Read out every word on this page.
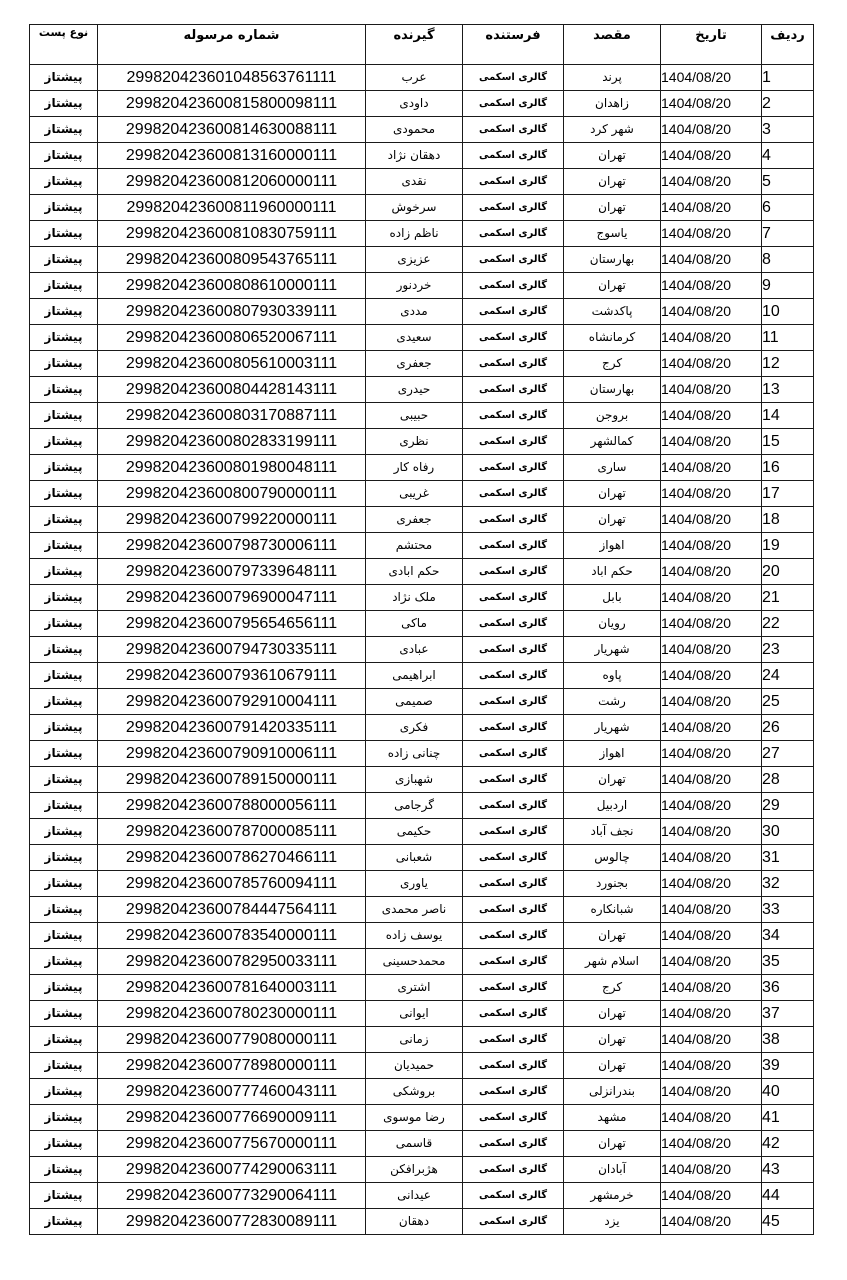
ردیف	تاریخ	مقصد	فرستنده	گیرنده	شماره مرسوله	نوع پست
1	1404/08/20	پرند	گالری اسکمی	عرب	299820423601048563761111	پیشتاز
2	1404/08/20	زاهدان	گالری اسکمی	داودی	299820423600815800098111	پیشتاز
3	1404/08/20	شهر کرد	گالری اسکمی	محمودی	299820423600814630088111	پیشتاز
4	1404/08/20	تهران	گالری اسکمی	دهقان نژاد	299820423600813160000111	پیشتاز
5	1404/08/20	تهران	گالری اسکمی	نقدی	299820423600812060000111	پیشتاز
6	1404/08/20	تهران	گالری اسکمی	سرخوش	299820423600811960000111	پیشتاز
7	1404/08/20	یاسوج	گالری اسکمی	ناظم زاده	299820423600810830759111	پیشتاز
8	1404/08/20	بهارستان	گالری اسکمی	عزیزی	299820423600809543765111	پیشتاز
9	1404/08/20	تهران	گالری اسکمی	خردنور	299820423600808610000111	پیشتاز
10	1404/08/20	پاکدشت	گالری اسکمی	مددی	299820423600807930339111	پیشتاز
11	1404/08/20	کرمانشاه	گالری اسکمی	سعیدی	299820423600806520067111	پیشتاز
12	1404/08/20	کرج	گالری اسکمی	جعفری	299820423600805610003111	پیشتاز
13	1404/08/20	بهارستان	گالری اسکمی	حیدری	299820423600804428143111	پیشتاز
14	1404/08/20	بروجن	گالری اسکمی	حبیبی	299820423600803170887111	پیشتاز
15	1404/08/20	کمالشهر	گالری اسکمی	نظری	299820423600802833199111	پیشتاز
16	1404/08/20	ساری	گالری اسکمی	رفاه کار	299820423600801980048111	پیشتاز
17	1404/08/20	تهران	گالری اسکمی	غریبی	299820423600800790000111	پیشتاز
18	1404/08/20	تهران	گالری اسکمی	جعفری	299820423600799220000111	پیشتاز
19	1404/08/20	اهواز	گالری اسکمی	محتشم	299820423600798730006111	پیشتاز
20	1404/08/20	حکم اباد	گالری اسکمی	حکم ابادی	299820423600797339648111	پیشتاز
21	1404/08/20	بابل	گالری اسکمی	ملک نژاد	299820423600796900047111	پیشتاز
22	1404/08/20	رویان	گالری اسکمی	ماکی	299820423600795654656111	پیشتاز
23	1404/08/20	شهریار	گالری اسکمی	عبادی	299820423600794730335111	پیشتاز
24	1404/08/20	پاوه	گالری اسکمی	ابراهیمی	299820423600793610679111	پیشتاز
25	1404/08/20	رشت	گالری اسکمی	صمیمی	299820423600792910004111	پیشتاز
26	1404/08/20	شهریار	گالری اسکمی	فکری	299820423600791420335111	پیشتاز
27	1404/08/20	اهواز	گالری اسکمی	چنانی زاده	299820423600790910006111	پیشتاز
28	1404/08/20	تهران	گالری اسکمی	شهبازی	299820423600789150000111	پیشتاز
29	1404/08/20	اردبیل	گالری اسکمی	گرجامی	299820423600788000056111	پیشتاز
30	1404/08/20	نجف آباد	گالری اسکمی	حکیمی	299820423600787000085111	پیشتاز
31	1404/08/20	چالوس	گالری اسکمی	شعبانی	299820423600786270466111	پیشتاز
32	1404/08/20	بجنورد	گالری اسکمی	یاوری	299820423600785760094111	پیشتاز
33	1404/08/20	شبانکاره	گالری اسکمی	ناصر محمدی	299820423600784447564111	پیشتاز
34	1404/08/20	تهران	گالری اسکمی	یوسف زاده	299820423600783540000111	پیشتاز
35	1404/08/20	اسلام شهر	گالری اسکمی	محمدحسینی	299820423600782950033111	پیشتاز
36	1404/08/20	کرج	گالری اسکمی	اشتری	299820423600781640003111	پیشتاز
37	1404/08/20	تهران	گالری اسکمی	ایوانی	299820423600780230000111	پیشتاز
38	1404/08/20	تهران	گالری اسکمی	زمانی	299820423600779080000111	پیشتاز
39	1404/08/20	تهران	گالری اسکمی	حمیدیان	299820423600778980000111	پیشتاز
40	1404/08/20	بندرانزلی	گالری اسکمی	بروشکی	299820423600777460043111	پیشتاز
41	1404/08/20	مشهد	گالری اسکمی	رضا موسوی	299820423600776690009111	پیشتاز
42	1404/08/20	تهران	گالری اسکمی	قاسمی	299820423600775670000111	پیشتاز
43	1404/08/20	آبادان	گالری اسکمی	هژبرافکن	299820423600774290063111	پیشتاز
44	1404/08/20	خرمشهر	گالری اسکمی	عیدانی	299820423600773290064111	پیشتاز
45	1404/08/20	یزد	گالری اسکمی	دهقان	299820423600772830089111	پیشتاز
